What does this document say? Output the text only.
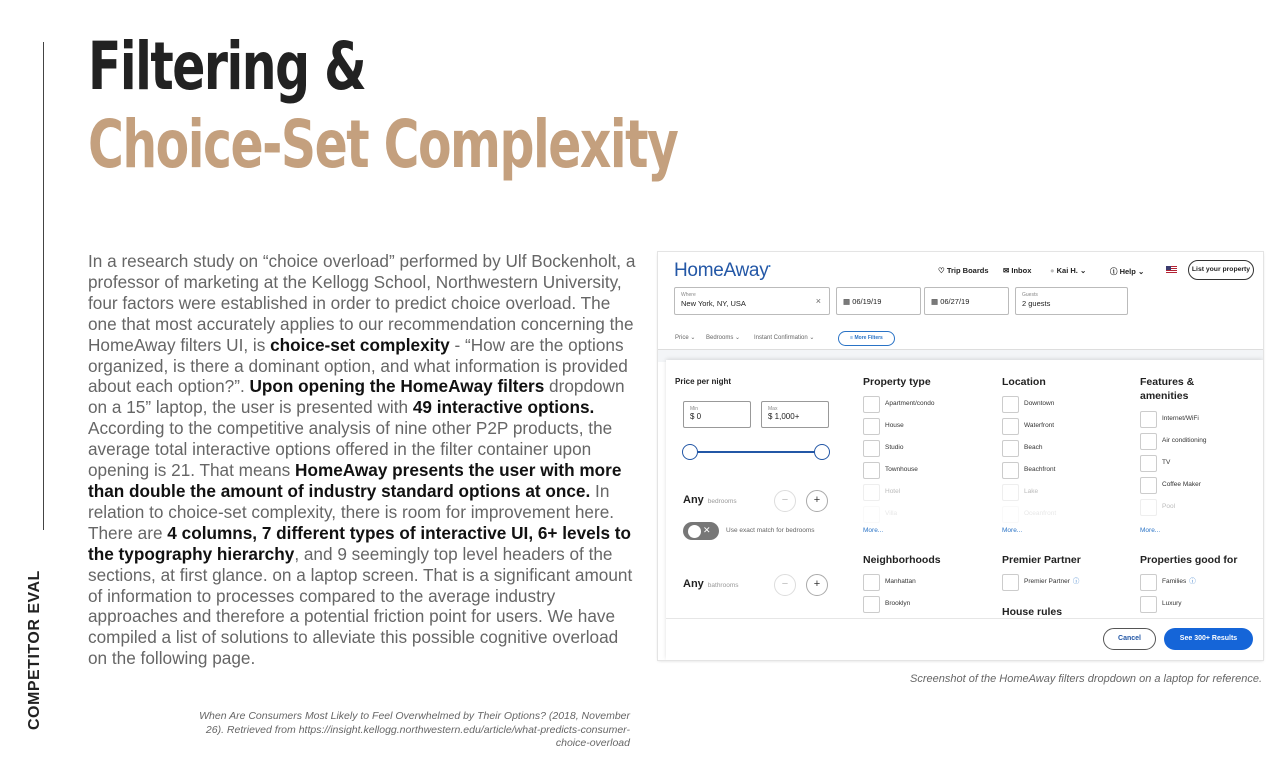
COMPETITOR EVAL
Filtering &
Choice-Set Complexity
In a research study on “choice overload” performed by Ulf Bockenholt, a professor of marketing at the Kellogg School, Northwestern University, four factors were established in order to predict choice overload. The one that most accurately applies to our recommendation concerning the HomeAway filters UI, is choice-set complexity - “How are the options organized, is there a dominant option, and what information is provided about each option?”. Upon opening the HomeAway filters dropdown on a 15” laptop, the user is presented with 49 interactive options. According to the competitive analysis of nine other P2P products, the average total interactive options offered in the filter container upon opening is 21. That means HomeAway presents the user with more than double the amount of industry standard options at once. In relation to choice-set complexity, there is room for improvement here. There are 4 columns, 7 different types of interactive UI, 6+ levels to the typography hierarchy, and 9 seemingly top level headers of the sections, at first glance. on a laptop screen. That is a significant amount of information to processes compared to the average industry approaches and therefore a potential friction point for users. We have compiled a list of solutions to alleviate this possible cognitive overload on the following page.
When Are Consumers Most Likely to Feel Overwhelmed by Their Options? (2018, November 26). Retrieved from https://insight.kellogg.northwestern.edu/article/what-predicts-consumer-choice-overload
HomeAway•	♡ Trip Boards ✉ Inbox ● Kai H. ⌄	ⓘ Help ⌄	List your property
Where
New York, NY, USA	×	▦ 06/19/19	▦ 06/27/19
Guests
2 guests
Price ⌄ Bedrooms ⌄ Instant Confirmation ⌄	≡ More Filters
Price per night
Min
$ 0
Max
$ 1,000+
Any bedrooms	−	+
✕
✕ Use exact match for bedrooms
Any bathrooms	−	+
Property type
Apartment/condo
House
Studio
Townhouse
Hotel
Villa
More...
Location
Downtown
Waterfront
Beach
Beachfront
Lake
Oceanfront
More...
Features & amenities
Internet/WiFi
Air conditioning
TV
Coffee Maker
Pool
More...
Neighborhoods
Manhattan
Brooklyn
Premier Partner
Premier Partner ⓘ
House rules
Properties good for
Families ⓘ
Luxury
Cancel	See 300+ Results
Screenshot of the HomeAway filters dropdown on a laptop for reference.
